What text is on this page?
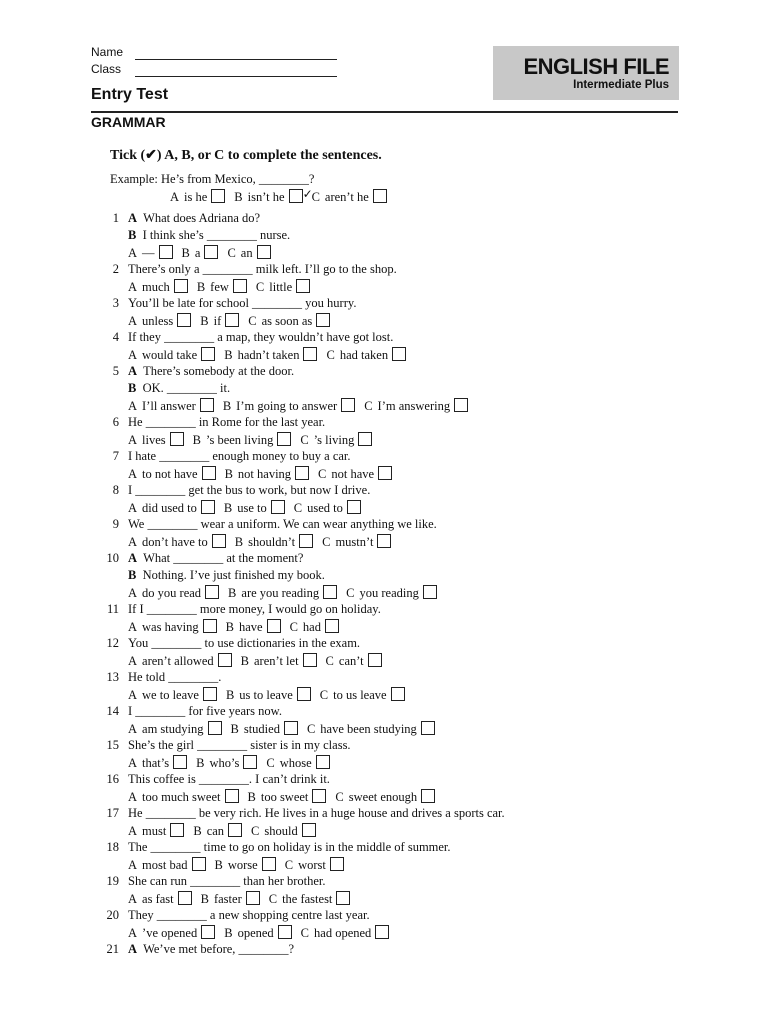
Name
Class	ENGLISH FILE
Intermediate Plus
Entry Test
GRAMMAR
Tick (✔) A, B, or C to complete the sentences.
Example: He’s from Mexico, ________?
A is he B isn’t he ✓
C aren’t he
1 A What does Adriana do?
B I think she’s ________ nurse.
A — B a C an
2 There’s only a ________ milk left. I’ll go to the shop.
A much B few C little
3 You’ll be late for school ________ you hurry.
A unless B if C as soon as
4 If they ________ a map, they wouldn’t have got lost.
A would take B hadn’t taken C had taken
5 A There’s somebody at the door.
B OK. ________ it.
A I’ll answer B I’m going to answer C I’m answering
6 He ________ in Rome for the last year.
A lives B ’s been living C ’s living
7 I hate ________ enough money to buy a car.
A to not have B not having C not have
8 I ________ get the bus to work, but now I drive.
A did used to B use to C used to
9 We ________ wear a uniform. We can wear anything we like.
A don’t have to B shouldn’t C mustn’t
10 A What ________ at the moment?
B Nothing. I’ve just finished my book.
A do you read B are you reading C you reading
11 If I ________ more money, I would go on holiday.
A was having B have C had
12 You ________ to use dictionaries in the exam.
A aren’t allowed B aren’t let C can’t
13 He told ________.
A we to leave B us to leave C to us leave
14 I ________ for five years now.
A am studying B studied C have been studying
15 She’s the girl ________ sister is in my class.
A that’s B who’s C whose
16 This coffee is ________. I can’t drink it.
A too much sweet B too sweet C sweet enough
17 He ________ be very rich. He lives in a huge house and drives a sports car.
A must B can C should
18 The ________ time to go on holiday is in the middle of summer.
A most bad B worse C worst
19 She can run ________ than her brother.
A as fast B faster C the fastest
20 They ________ a new shopping centre last year.
A ’ve opened B opened C had opened
21 A We’ve met before, ________?
